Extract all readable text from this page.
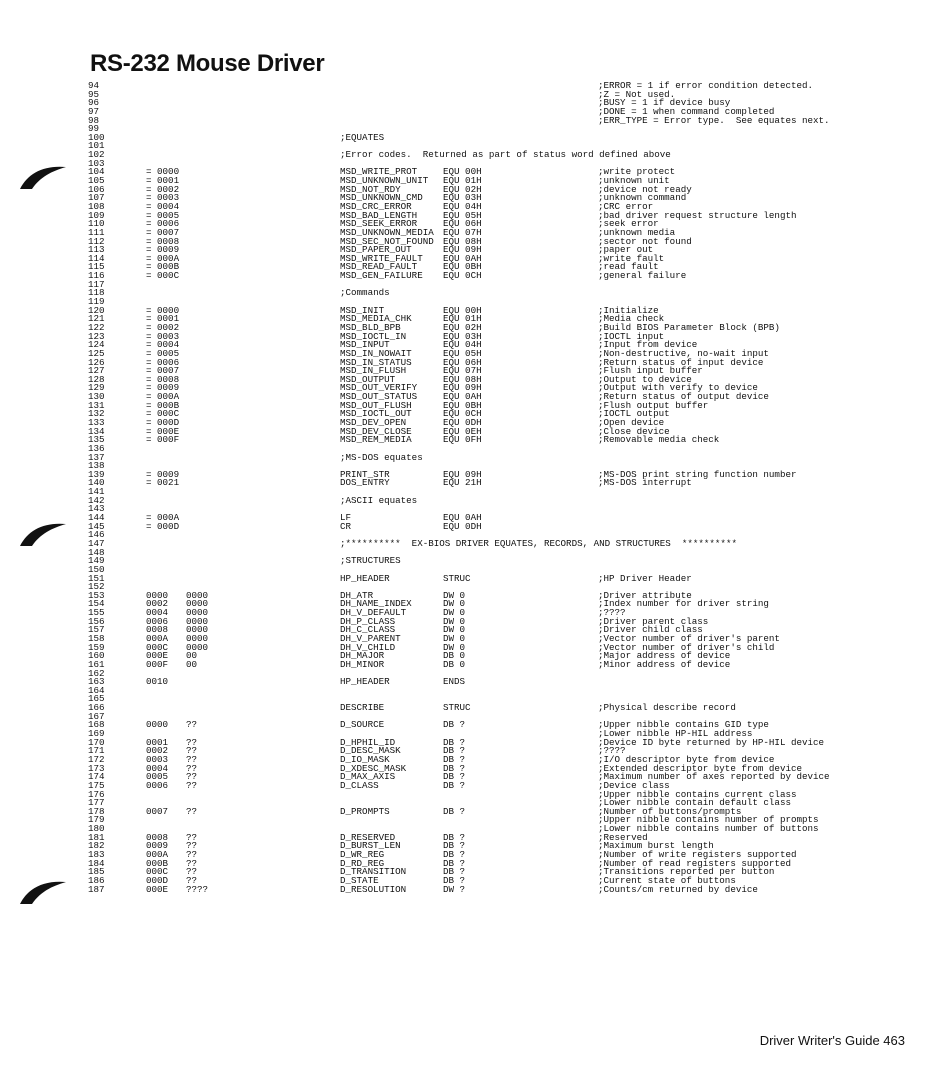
RS-232 Mouse Driver
94	;ERROR = 1 if error condition detected.
95	;Z = Not used.
96	;BUSY = 1 if device busy
97	;DONE = 1 when command completed
98	;ERR_TYPE = Error type.  See equates next.
99
100	;EQUATES
101
102	;Error codes.  Returned as part of status word defined above
103
104	= 0000	MSD_WRITE_PROT	EQU 00H	;write protect
105	= 0001	MSD_UNKNOWN_UNIT EQU 01H	;unknown unit
106	= 0002	MSD_NOT_RDY	EQU 02H	;device not ready
107	= 0003	MSD_UNKNOWN_CMD EQU 03H	;unknown command
108	= 0004	MSD_CRC_ERROR	EQU 04H	;CRC error
109	= 0005	MSD_BAD_LENGTH	EQU 05H	;bad driver request structure length
110	= 0006	MSD_SEEK_ERROR	EQU 06H	;seek error
111	= 0007	MSD_UNKNOWN_MEDIA EQU 07H	;unknown media
112	= 0008	MSD_SEC_NOT_FOUND EQU 08H	;sector not found
113	= 0009	MSD_PAPER_OUT	EQU 09H	;paper out
114	= 000A	MSD_WRITE_FAULT EQU 0AH	;write fault
115	= 000B	MSD_READ_FAULT	EQU 0BH	;read fault
116	= 000C	MSD_GEN_FAILURE EQU 0CH	;general failure
117
118	;Commands
119
120	= 0000	MSD_INIT	EQU 00H	;Initialize
121	= 0001	MSD_MEDIA_CHK	EQU 01H	;Media check
122	= 0002	MSD_BLD_BPB	EQU 02H	;Build BIOS Parameter Block (BPB)
123	= 0003	MSD_IOCTL_IN	EQU 03H	;IOCTL input
124	= 0004	MSD_INPUT	EQU 04H	;Input from device
125	= 0005	MSD_IN_NOWAIT	EQU 05H	;Non-destructive, no-wait input
126	= 0006	MSD_IN_STATUS	EQU 06H	;Return status of input device
127	= 0007	MSD_IN_FLUSH	EQU 07H	;Flush input buffer
128	= 0008	MSD_OUTPUT	EQU 08H	;Output to device
129	= 0009	MSD_OUT_VERIFY	EQU 09H	;Output with verify to device
130	= 000A	MSD_OUT_STATUS	EQU 0AH	;Return status of output device
131	= 000B	MSD_OUT_FLUSH	EQU 0BH	;Flush output buffer
132	= 000C	MSD_IOCTL_OUT	EQU 0CH	;IOCTL output
133	= 000D	MSD_DEV_OPEN	EQU 0DH	;Open device
134	= 000E	MSD_DEV_CLOSE	EQU 0EH	;Close device
135	= 000F	MSD_REM_MEDIA	EQU 0FH	;Removable media check
136
137	;MS-DOS equates
138
139	= 0009	PRINT_STR	EQU 09H	;MS-DOS print string function number
140	= 0021	DOS_ENTRY	EQU 21H	;MS-DOS interrupt
141
142	;ASCII equates
143
144	= 000A	LF	EQU 0AH
145	= 000D	CR	EQU 0DH
146
147	;**********  EX-BIOS DRIVER EQUATES, RECORDS, AND STRUCTURES  **********
148
149	;STRUCTURES
150
151	HP_HEADER	STRUC	;HP Driver Header
152
153	0000 0000	DH_ATR	DW 0	;Driver attribute
154	0002 0000	DH_NAME_INDEX	DW 0	;Index number for driver string
155	0004 0000	DH_V_DEFAULT	DW 0	;????
156	0006 0000	DH_P_CLASS	DW 0	;Driver parent class
157	0008 0000	DH_C_CLASS	DW 0	;Driver child class
158	000A 0000	DH_V_PARENT	DW 0	;Vector number of driver's parent
159	000C 0000	DH_V_CHILD	DW 0	;Vector number of driver's child
160	000E 00	DH_MAJOR	DB 0	;Major address of device
161	000F 00	DH_MINOR	DB 0	;Minor address of device
162
163	0010	HP_HEADER	ENDS
164
165
166	DESCRIBE	STRUC	;Physical describe record
167
168	0000 ??	D_SOURCE	DB ?	;Upper nibble contains GID type
169	;Lower nibble HP-HIL address
170	0001 ??	D_HPHIL_ID	DB ?	;Device ID byte returned by HP-HIL device
171	0002 ??	D_DESC_MASK	DB ?	;????
172	0003 ??	D_IO_MASK	DB ?	;I/O descriptor byte from device
173	0004 ??	D_XDESC_MASK	DB ?	;Extended descriptor byte from device
174	0005 ??	D_MAX_AXIS	DB ?	;Maximum number of axes reported by device
175	0006 ??	D_CLASS	DB ?	;Device class
176	;Upper nibble contains current class
177	;Lower nibble contain default class
178	0007 ??	D_PROMPTS	DB ?	;Number of buttons/prompts
179	;Upper nibble contains number of prompts
180	;Lower nibble contains number of buttons
181	0008 ??	D_RESERVED	DB ?	;Reserved
182	0009 ??	D_BURST_LEN	DB ?	;Maximum burst length
183	000A ??	D_WR_REG	DB ?	;Number of write registers supported
184	000B ??	D_RD_REG	DB ?	;Number of read registers supported
185	000C ??	D_TRANSITION	DB ?	;Transitions reported per button
186	000D ??	D_STATE	DB ?	;Current state of buttons
187	000E ????	D_RESOLUTION	DW ?	;Counts/cm returned by device
Driver Writer's Guide 463
